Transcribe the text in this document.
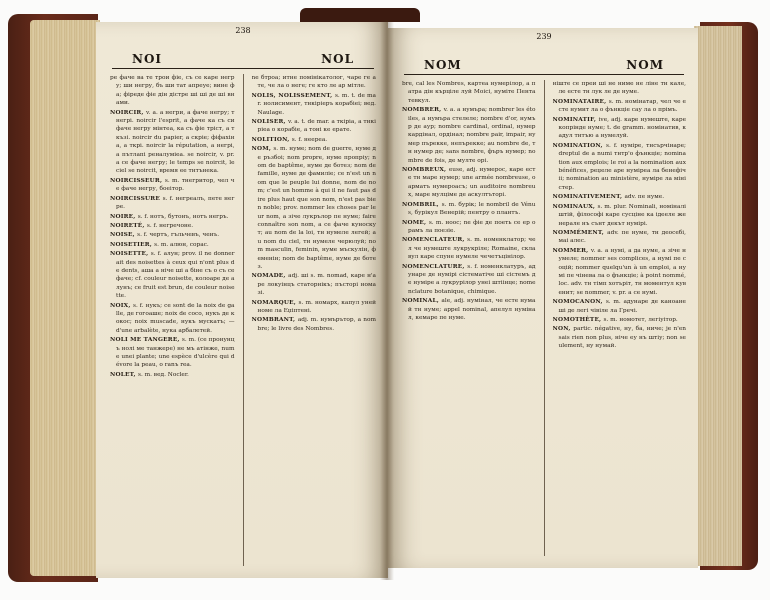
NOI
238
NOL

ре фаче ва те трои фіе, съ се каре негру; ши негру, бъ ши тат апреуе; вине фа; фіреде фіе дін дістре ші ші де ші внами.

NOIRCIR, v. a. a негри, а фаче негру; тнегрі. noircir l'esprit, a фаче ка съ си фаче негру мінтеа, ка съ фіе тріст, а ткъзі. noircir du papier, a скріе; фіфахіна, а ткрі. noircir la réputation, a негрі, а пътлапі реналуміеа. se noircir, v. pr. a се фаче негру; le temps se noircit, le ciel se noircit, время ее тнтънека.

NOIRCISSEUR, s. m. тнегритор, чел че фаче негру, боеітор.

NOIRCISSURE s. f. негреалъ, пете негре.

NOIRE, s. f. нотъ, бутонъ, нотъ негръ.

NOIRETÉ, s. f. негречоне.

NOISE, s. f. чертъ, гъльчевъ, ченъ.

NOISETIER, s. m. алюн, copac.

NOISETTE, s. f. алун; prov. il ne donnerait des noisettes à ceux qui n'ont plus de dents, аша а ніче ші а біне съ о съ се фаче; cf. couleur noisette, колоаре де алунъ; ce fruit est brun, de couleur noisette.

NOIX, s. f. нукъ; ce sont de la noix de galle, де гогоаше; noix de coco, нукъ де кокос; noix muscade, нукъ мускатъ; — d'une arbalète, нука арбалетей.

NOLI ME TANGERE, s. m. (се пронунцъ нолі ме танжере) не мъ атінже, nume unei plante; une espèce d'ulcère qui dévore la peau, o ranъ rea.

NOLET, s. m. вед. Nocler.

ne бтроа; итне помінікатолог, чаре ге ате, че ла о неге; ге кто ле ар мітле.

NOLIS, NOLISSEMENT, s. m. t. de mar. нолисимент, тнкіріеръ корабіеі; вед. Naulage.

NOLISER, v. a. t. de mar. a ткіріа, a тнкіріеа о корабіе, а тоні ке ерате.

NOLITION, s. f. неереа.

NOM, s. m. нуме; nom de guerre, нуме де ръзбоі; nom propre, нуме пропріу; nom de baptême, нуме де ботез; nom de famille, нуме де фамиліе; ce n'est un nom que le peuple lui donne, nom de nom; c'est un homme à qui il ne faut pas dire plus haut que son nom, n'est pas bien noble; prov. nommer les choses par leur nom, a зіче лукрълор пе нуме; faire connaître son nom, a се фаче куноскут; au nom de la loi, тн нумеле легей; au nom du ciel, тн нумеле черюлуй; nom masculin, feminin, нуме мъскулін, феменін; nom de baptême, нуме де ботез.

NOMADE, adj. ші s. m. nomad, каре н'аре локуінцъ статорнікъ; пъсторі номазі.

NOMARQUE, s. m. номарх, капул уней номе ла Еџіптені.

NOMBRANT, adj. m. нумърътор, a nombre; le livre des Nombres.

NOM
239
NOM

bre, cal les Nombres, картеа нумерілор, а патра дін кърціле луй Моісі, нуміте Пентатевкул.

NOMBRER, v. a. a нумъра; nombrer les étoiles, a нумъра стелеле; nombre d'or, нумър де аур; nombre cardinal, ordinal, нумер кардінал, ордінал; nombre pair, impair, нумер пърекке, непърекке; au nombre de, тн нумер де; sans nombre, фъръ нумер; nombre de fois, де мулте орі.

NOMBREUX, euse, adj. нумерос, каре есте тн маре нумер; une armée nombreuse, о арматъ нумероасъ; un auditoire nombreux, маре мулціме де аскултъторі.

NOMBRIL, s. m. бурік; le nombril de Vénus, бурікул Венерій; пентру о плантъ.

NOME, s. m. ноос; ne фіе де поеть ce ер о рамъ ла поезіе.

NOMENCLATEUR, s. m. номенклатор; чел че нумеште лукрукріле; Romaine, склавул каре спуне нумеле чечетъцінілор.

NOMENCLATURE, s. f. номенклатуръ, адунаре де нумірі сістематіче ші сістемъ де нуміре а лукрурілор унеі штіінце; nomenclature botanique, chimique.

NOMINAL, ale, adj. нумінал, че есте нумай тн нуме; appel nominal, апелул нумінал, кемаре пе нуме.

ніште се преи ші не ниме не ліне тн кале, ле есте тн лук ле де нуме.

NOMINATAIRE, s. m. номінатар, чел че есте нумит ла о фънкціе сау ла о прімъ.

NOMINATIF, ive, adj. каре нумеште, каре копрінде нуме; t. de gramm. номінатив, кадул тнтъю а нумелуй.

NOMINATION, s. f. нумірe, тнсърчінаре; dreptul de a numi тнтр'о фънкціе; nomination aux emplois; le roi a la nomination aux bénéfices, реџеле аре нумірea ла бенефічіі; nomination au ministère, нумірe ла міністер.

NOMINATIVEMENT, adv. пе нуме.

NOMINAUX, s. m. plur. Nominalі, номіналіштій, філософі каре сусціне ка ідееле женерале нъ сънт декът нумірі.

NOMMÉMENT, adv. пе нуме, тн деосебі, маі алес.

NOMMER, v. a. a нумі, a да нуме, а зіче нумеле; nommer ses complices, a нумі пе соцій; nommer quelqu'un à un emploi, a нумі пе чінева ла о фънкціе; à point nommé, loc. adv. тн тімп хотъріт, тн моментул кувенит; se nommer, v. pr. a се нумі.

NOMOCANON, s. m. адунаре де каноане ші де легі чівіле ла Гречі.

NOMOTHÈTE, s. m. номотет, легіуітор.

NON, partic. négative, ну, ба, ниче; je n'en sais rien non plus, ніче еу нъ штіу; non seulement, ну нумай.
